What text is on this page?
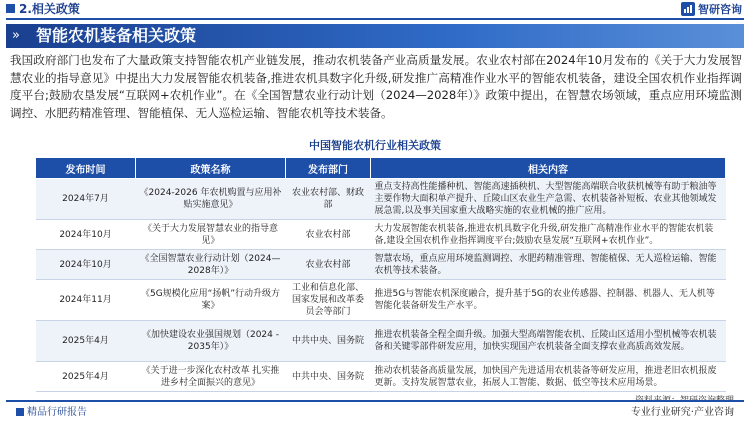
2.相关政策	智研咨询
» 智能农机装备相关政策
我国政府部门也发布了大量政策支持智能农机产业链发展，推动农机装备产业高质量发展。农业农村部在2024年10月发布的《关于大力发展智慧农业的指导意见》中提出大力发展智能农机装备,推进农机具数字化升级,研发推广高精准作业水平的智能农机装备，建设全国农机作业指挥调度平台;鼓励农垦发展“互联网+农机作业”。在《全国智慧农业行动计划（2024—2028年）》政策中提出，在智慧农场领域，重点应用环境监测调控、水肥药精准管理、智能植保、无人巡检运输、智能农机等技术装备。
中国智能农机行业相关政策
发布时间	政策名称	发布部门	相关内容
2024年7月	《2024-2026 年农机购置与应用补贴实施意见》	农业农村部、财政部	重点支持高性能播种机、智能高速插秧机、大型智能高端联合收获机械等有助于粮油等主要作物大面积单产提升、丘陵山区农业生产急需、农机装备补短板、农业其他领域发展急需,以及事关国家重大战略实施的农业机械的推广应用。
2024年10月	《关于大力发展智慧农业的指导意见》	农业农村部	大力发展智能农机装备,推进农机具数字化升级,研发推广高精准作业水平的智能农机装备,建设全国农机作业指挥调度平台;鼓励农垦发展“互联网+农机作业”。
2024年10月	《全国智慧农业行动计划（2024—2028年）》	农业农村部	智慧农场，重点应用环境监测调控、水肥药精准管理、智能植保、无人巡检运输、智能农机等技术装备。
2024年11月	《5G规模化应用“扬帆”行动升级方案》	工业和信息化部、国家发展和改革委员会等部门	推进5G与智能农机深度融合，提升基于5G的农业传感器、控制器、机器人、无人机等智能化装备研发生产水平。
2025年4月	《加快建设农业强国规划（2024 - 2035年）》	中共中央、国务院	推进农机装备全程全面升级。加强大型高端智能农机、丘陵山区适用小型机械等农机装备和关键零部件研发应用，加快实现国产农机装备全面支撑农业高质高效发展。
2025年4月	《关于进一步深化农村改革 扎实推进乡村全面振兴的意见》	中共中央、国务院	推动农机装备高质量发展，加快国产先进适用农机装备等研发应用，推进老旧农机报废更新。支持发展智慧农业，拓展人工智能、数据、低空等技术应用场景。
精品行研报告	专业行业研究·产业咨询
